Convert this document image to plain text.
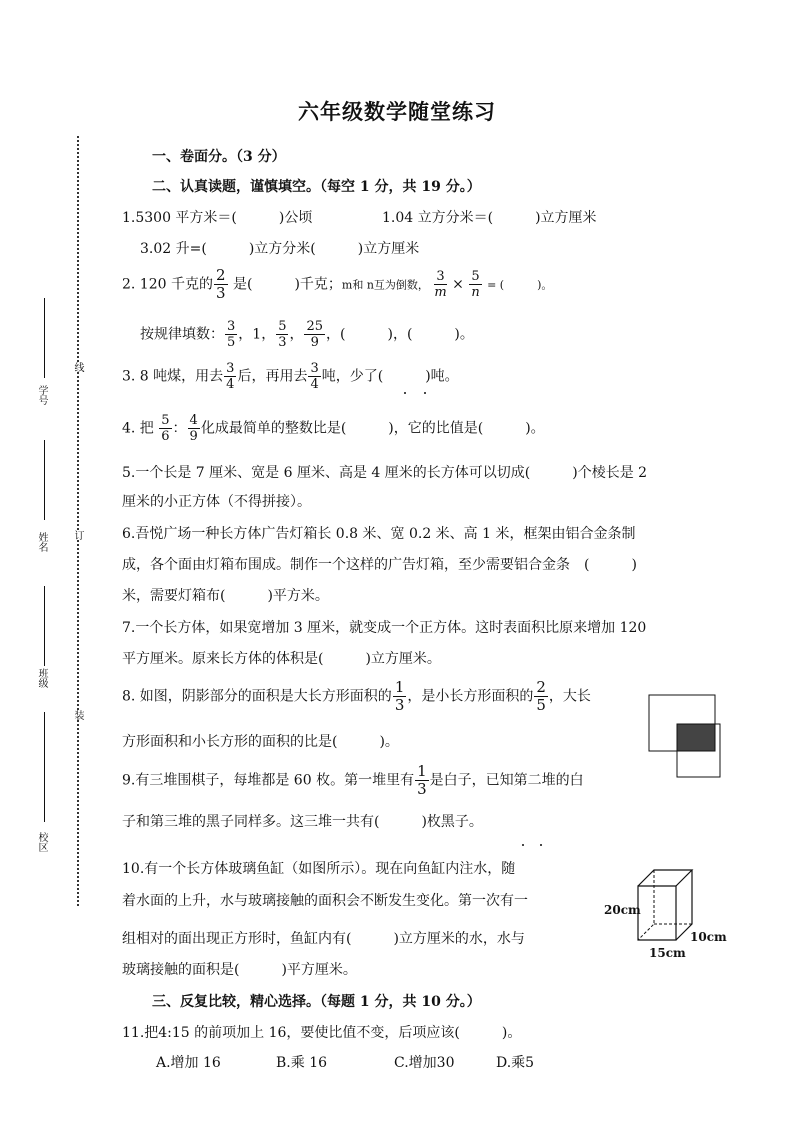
六年级数学随堂练习
学号
姓名
班级
校区
线
订
装
一、卷面分。（3 分）
二、认真读题，谨慎填空。（每空 1 分，共 19 分。）
1.5300 平方米＝(　　　)公顷	1.04 立方分米＝(　　　)立方厘米
3.02 升=(　　　)立方分米(　　　)立方厘米
2. 120 千克的 $\frac{2}{3}$ 是(　　　)千克；m和 n互为倒数， $\frac{3}{m} \times \frac{5}{n}$ = (　　　)。
按规律填数： $\frac{3}{5}$ ，1， $\frac{5}{3}$ ， $\frac{25}{9}$ ，(　　　)，(　　　)。
3. 8 吨煤，用去 $\frac{3}{4}$ 后，再用去 $\frac{3}{4}$ 吨，少了(　　　)吨。
4. 把 $\frac{5}{6}$ ： $\frac{4}{9}$ 化成最简单的整数比是(　　　)，它的比值是(　　　)。
5.一个长是 7 厘米、宽是 6 厘米、高是 4 厘米的长方体可以切成(　　　)个棱长是 2
厘米的小正方体（不得拼接）。
6.吾悦广场一种长方体广告灯箱长 0.8 米、宽 0.2 米、高 1 米，框架由铝合金条制
成，各个面由灯箱布围成。制作一个这样的广告灯箱，至少需要铝合金条　(　　　)
米，需要灯箱布(　　　)平方米。
7.一个长方体，如果宽增加 3 厘米，就变成一个正方体。这时表面积比原来增加 120
平方厘米。原来长方体的体积是(　　　)立方厘米。
8. 如图，阴影部分的面积是大长方形面积的 $\frac{1}{3}$ ，是小长方形面积的 $\frac{2}{5}$ ，大长
方形面积和小长方形的面积的比是(　　　)。
9.有三堆围棋子，每堆都是 60 枚。第一堆里有 $\frac{1}{3}$ 是白子，已知第二堆的白
子和第三堆的黑子同样多。这三堆一共有(　　　)枚黑子。
10.有一个长方体玻璃鱼缸（如图所示）。现在向鱼缸内注水，随
着水面的上升，水与玻璃接触的面积会不断发生变化。第一次有一
组相对的面出现正方形时，鱼缸内有(　　　)立方厘米的水，水与
玻璃接触的面积是(　　　)平方厘米。
20cm
10cm
15cm
三、反复比较，精心选择。（每题 1 分，共 10 分。）
11.把4:15 的前项加上 16，要使比值不变，后项应该(　　　)。
A.增加 16	B.乘 16	C.增加30	D.乘5
